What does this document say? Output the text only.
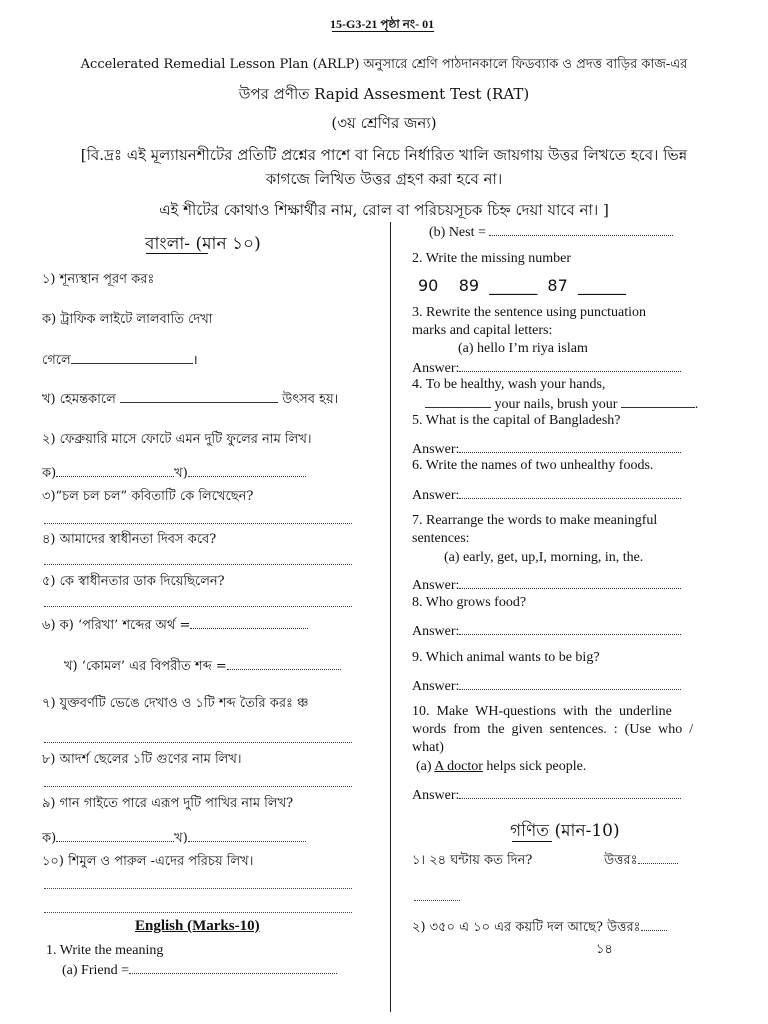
15-G3-21 পৃষ্ঠা নং- 01
Accelerated Remedial Lesson Plan (ARLP) অনুসারে শ্রেণি পাঠদানকালে ফিডব্যাক ও প্রদত্ত বাড়ির কাজ-এর
উপর প্রণীত Rapid Assesment Test (RAT)
(৩য় শ্রেণির জন্য)
[বি.দ্রঃ এই মূল্যায়নশীটের প্রতিটি প্রশ্নের পাশে বা নিচে নির্ধারিত খালি জায়গায় উত্তর লিখতে হবে। ভিন্ন
কাগজে লিখিত উত্তর গ্রহণ করা হবে না।
এই শীটের কোথাও শিক্ষার্থীর নাম, রোল বা পরিচয়সূচক চিহ্ন দেয়া যাবে না। ]
বাংলা- (মান ১০)
১) শূন্যস্থান পূরণ করঃ
ক) ট্রাফিক লাইটে লালবাতি দেখা
গেলে	।
খ) হেমন্তকালে	উৎসব হয়।
২) ফেব্রুয়ারি মাসে ফোটে এমন দুটি ফুলের নাম লিখ।
ক)	খ)
৩)“চল চল চল” কবিতাটি কে লিখেছেন?
৪) আমাদের স্বাধীনতা দিবস কবে?
৫) কে স্বাধীনতার ডাক দিয়েছিলেন?
৬) ক) ‘পরিখা’ শব্দের অর্থ =
খ) ‘কোমল’ এর বিপরীত শব্দ =
৭) যুক্তবর্ণটি ভেঙে দেখাও ও ১টি শব্দ তৈরি করঃ ঞ্চ
৮) আদর্শ ছেলের ১টি গুণের নাম লিখ।
৯) গান গাইতে পারে এরূপ দুটি পাখির নাম লিখ?
ক)	খ)
১০) শিমুল ও পারুল -এদের পরিচয় লিখ।
English (Marks-10)
1. Write the meaning
(a) Friend =
(b) Nest =
2. Write the missing number
90    89  ______  87  ______
3. Rewrite the sentence using punctuation
marks and capital letters:
(a) hello I’m riya islam
Answer:
4. To be healthy, wash your hands,
your nails, brush your	.
5. What is the capital of Bangladesh?
Answer:
6. Write the names of two unhealthy foods.
Answer:
7. Rearrange the words to make meaningful
sentences:
(a) early, get, up,I, morning, in, the.
Answer:
8. Who grows food?
Answer:
9. Which animal wants to be big?
Answer:
10.  Make  WH-questions  with  the  underline
words  from  the  given  sentences.  :  (Use  who  /
what)
(a) A doctor helps sick people.
Answer:
গণিত (মান-10)
১। ২৪ ঘন্টায় কত দিন?	উত্তরঃ
২) ৩৫০ এ ১০ এর কয়টি দল আছে? উত্তরঃ
১৪
